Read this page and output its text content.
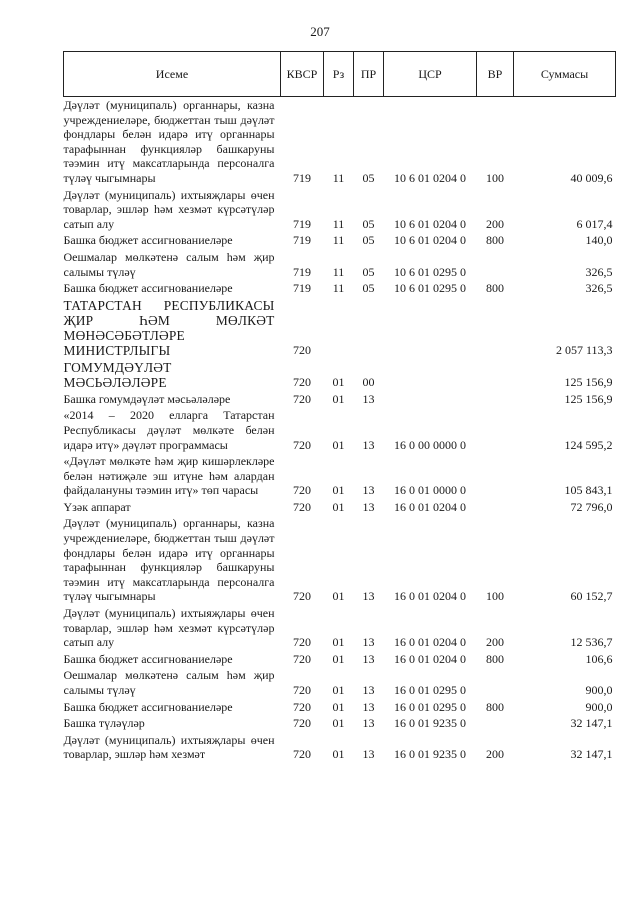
207
Исеме	КВСР	Рз	ПР	ЦСР	ВР	Суммасы
Дәүләт (муниципаль) органнары, казна учреждениеләре, бюджеттан тыш дәүләт фондлары белән идарә итү органнары тарафыннан функцияләр башкаруны тәэмин итү максатларында персоналга түләү чыгымнары	719	11	05	10 6 01 0204 0	100	40 009,6
Дәүләт (муниципаль) ихтыяҗлары өчен товарлар, эшләр һәм хезмәт күрсәтүләр сатып алу	719	11	05	10 6 01 0204 0	200	6 017,4
Башка бюджет ассигнованиеләре	719	11	05	10 6 01 0204 0	800	140,0
Оешмалар мөлкәтенә салым һәм җир салымы түләү	719	11	05	10 6 01 0295 0		326,5
Башка бюджет ассигнованиеләре	719	11	05	10 6 01 0295 0	800	326,5
ТАТАРСТАН РЕСПУБЛИКАСЫ ҖИР ҺӘМ МӨЛКӘТ МӨНӘСӘБӘТЛӘРЕ МИНИСТРЛЫГЫ	720					2 057 113,3
ГОМУМДӘҮЛӘТ МӘСЬӘЛӘЛӘРЕ	720	01	00			125 156,9
Башка гомумдәүләт мәсьәләләре	720	01	13			125 156,9
«2014 – 2020 елларга Татарстан Республикасы дәүләт мөлкәте белән идарә итү» дәүләт программасы	720	01	13	16 0 00 0000 0		124 595,2
«Дәүләт мөлкәте һәм җир кишәрлекләре белән нәтиҗәле эш итүне һәм алардан файдалануны тәэмин итү» төп чарасы	720	01	13	16 0 01 0000 0		105 843,1
Үзәк аппарат	720	01	13	16 0 01 0204 0		72 796,0
Дәүләт (муниципаль) органнары, казна учреждениеләре, бюджеттан тыш дәүләт фондлары белән идарә итү органнары тарафыннан функцияләр башкаруны тәэмин итү максатларында персоналга түләү чыгымнары	720	01	13	16 0 01 0204 0	100	60 152,7
Дәүләт (муниципаль) ихтыяҗлары өчен товарлар, эшләр һәм хезмәт күрсәтүләр сатып алу	720	01	13	16 0 01 0204 0	200	12 536,7
Башка бюджет ассигнованиеләре	720	01	13	16 0 01 0204 0	800	106,6
Оешмалар мөлкәтенә салым һәм җир салымы түләү	720	01	13	16 0 01 0295 0		900,0
Башка бюджет ассигнованиеләре	720	01	13	16 0 01 0295 0	800	900,0
Башка түләүләр	720	01	13	16 0 01 9235 0		32 147,1
Дәүләт (муниципаль) ихтыяҗлары өчен товарлар, эшләр һәм хезмәт	720	01	13	16 0 01 9235 0	200	32 147,1
